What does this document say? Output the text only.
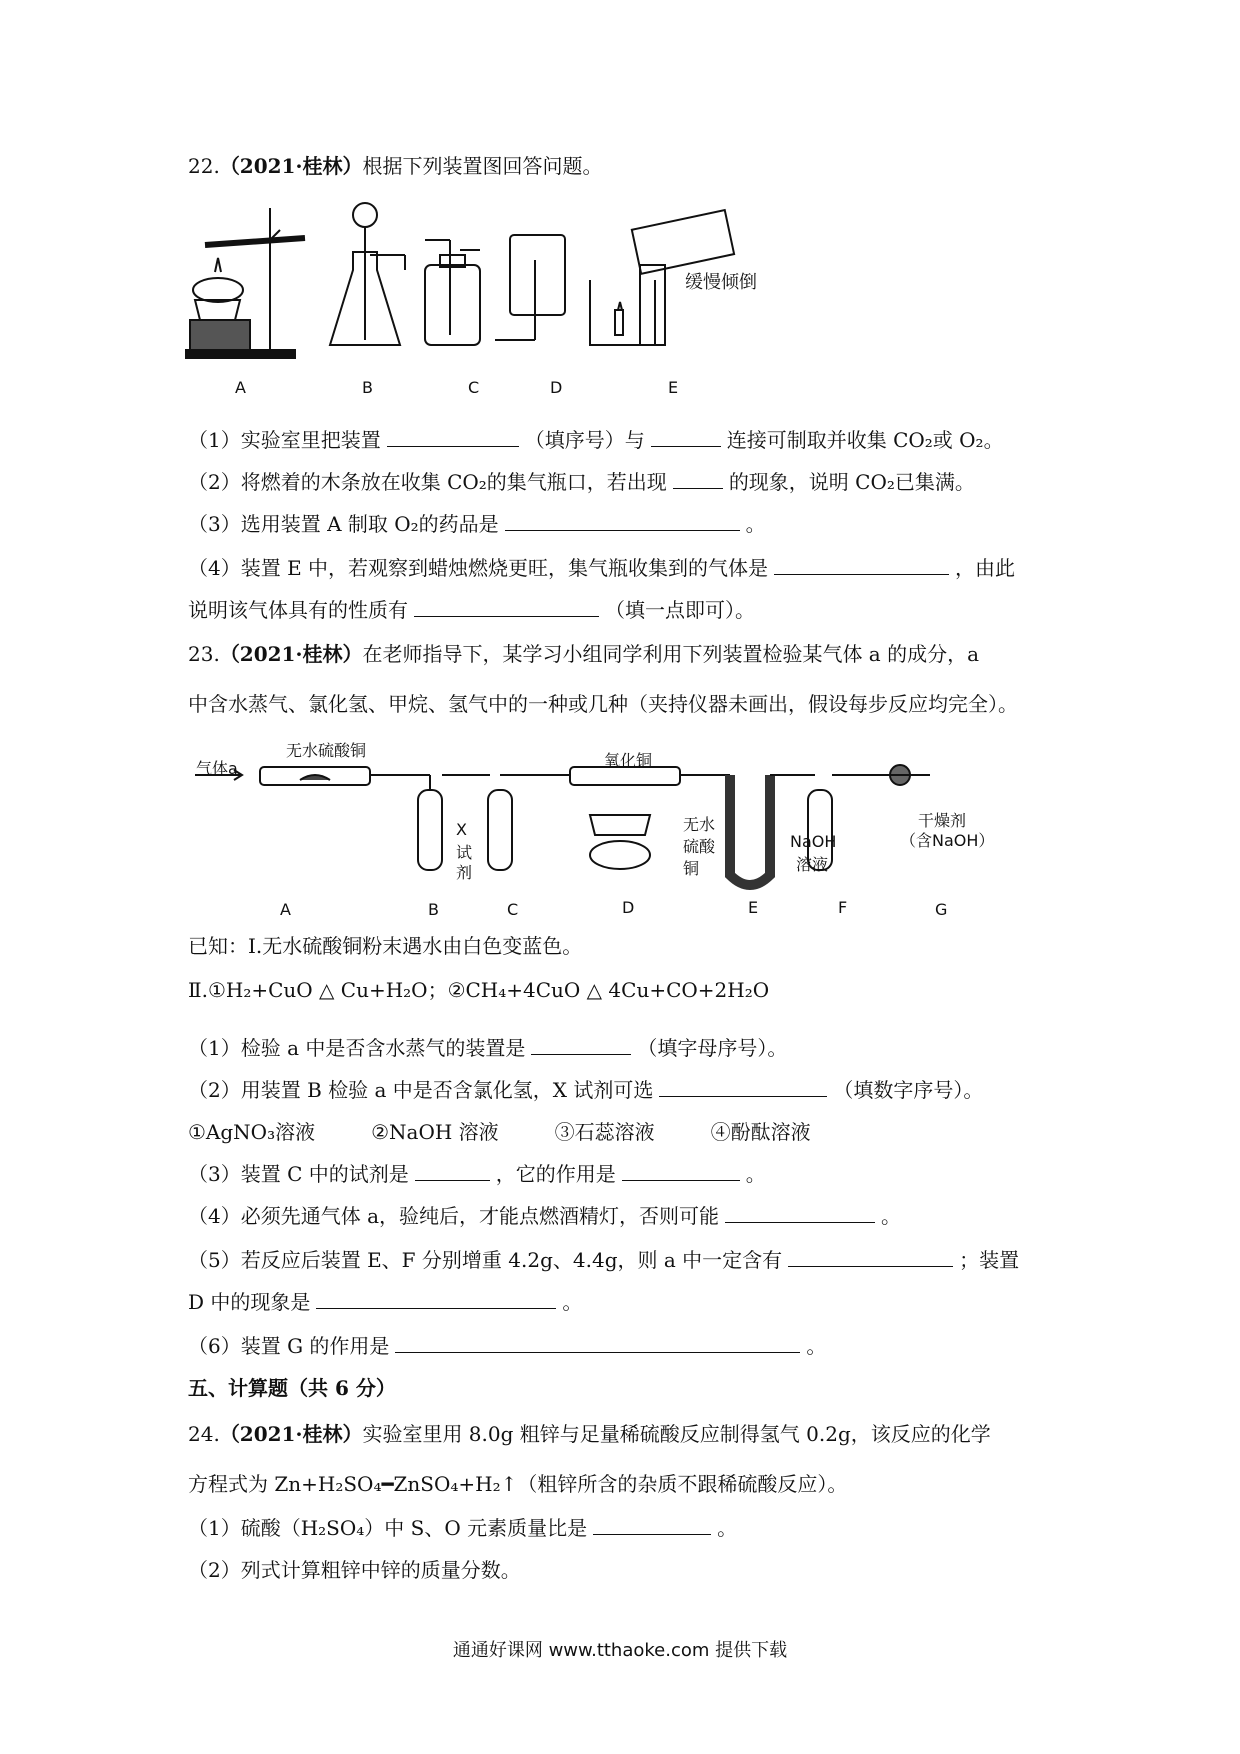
22.（2021·桂林）根据下列装置图回答问题。
缓慢倾倒
A	B	C	D	E
（1）实验室里把装置	（填序号）与	连接可制取并收集 CO₂或 O₂。
（2）将燃着的木条放在收集 CO₂的集气瓶口，若出现	的现象，说明 CO₂已集满。
（3）选用装置 A 制取 O₂的药品是	。
（4）装置 E 中，若观察到蜡烛燃烧更旺，集气瓶收集到的气体是	，由此
说明该气体具有的性质有	（填一点即可）。
23.（2021·桂林）在老师指导下，某学习小组同学利用下列装置检验某气体 a 的成分，a
中含水蒸气、氯化氢、甲烷、氢气中的一种或几种（夹持仪器未画出，假设每步反应均完全）。
气体a
无水硫酸铜
氧化铜
X
试
剂
无水
硫酸
铜
NaOH
溶液
干燥剂
（含NaOH）
A	B	C	D	E	F	G
已知：Ⅰ.无水硫酸铜粉末遇水由白色变蓝色。
Ⅱ.①H₂+CuO △ Cu+H₂O；②CH₄+4CuO △ 4Cu+CO+2H₂O
（1）检验 a 中是否含水蒸气的装置是	（填字母序号）。
（2）用装置 B 检验 a 中是否含氯化氢，X 试剂可选	（填数字序号）。
①AgNO₃溶液	②NaOH 溶液	③石蕊溶液	④酚酞溶液
（3）装置 C 中的试剂是	，它的作用是	。
（4）必须先通气体 a，验纯后，才能点燃酒精灯，否则可能	。
（5）若反应后装置 E、F 分别增重 4.2g、4.4g，则 a 中一定含有	；装置
D 中的现象是	。
（6）装置 G 的作用是	。
五、计算题（共 6 分）
24.（2021·桂林）实验室里用 8.0g 粗锌与足量稀硫酸反应制得氢气 0.2g，该反应的化学
方程式为 Zn+H₂SO₄━ZnSO₄+H₂↑（粗锌所含的杂质不跟稀硫酸反应）。
（1）硫酸（H₂SO₄）中 S、O 元素质量比是	。
（2）列式计算粗锌中锌的质量分数。
通通好课网 www.tthaoke.com 提供下载
